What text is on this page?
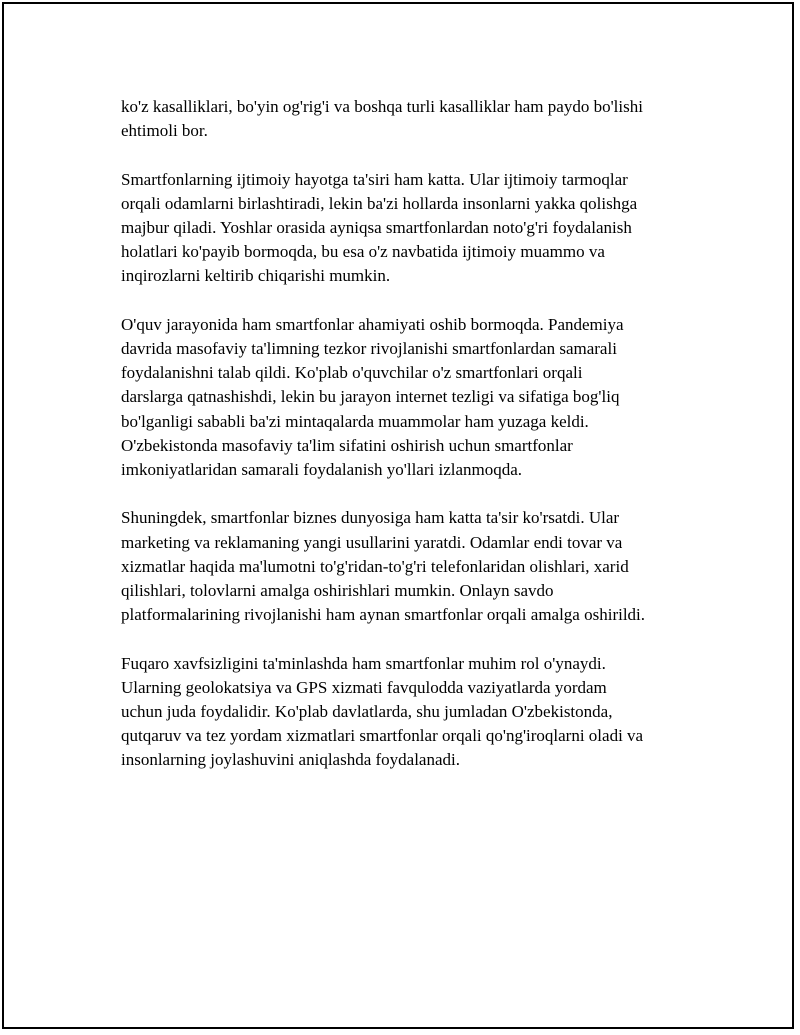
ko'z kasalliklari, bo'yin og'rig'i va boshqa turli kasalliklar ham paydo bo'lishi
ehtimoli bor.

Smartfonlarning ijtimoiy hayotga ta'siri ham katta. Ular ijtimoiy tarmoqlar
orqali odamlarni birlashtiradi, lekin ba'zi hollarda insonlarni yakka qolishga
majbur qiladi. Yoshlar orasida ayniqsa smartfonlardan noto'g'ri foydalanish
holatlari ko'payib bormoqda, bu esa o'z navbatida ijtimoiy muammo va
inqirozlarni keltirib chiqarishi mumkin.

O'quv jarayonida ham smartfonlar ahamiyati oshib bormoqda. Pandemiya
davrida masofaviy ta'limning tezkor rivojlanishi smartfonlardan samarali
foydalanishni talab qildi. Ko'plab o'quvchilar o'z smartfonlari orqali
darslarga qatnashishdi, lekin bu jarayon internet tezligi va sifatiga bog'liq
bo'lganligi sababli ba'zi mintaqalarda muammolar ham yuzaga keldi.
O'zbekistonda masofaviy ta'lim sifatini oshirish uchun smartfonlar
imkoniyatlaridan samarali foydalanish yo'llari izlanmoqda.

Shuningdek, smartfonlar biznes dunyosiga ham katta ta'sir ko'rsatdi. Ular
marketing va reklamaning yangi usullarini yaratdi. Odamlar endi tovar va
xizmatlar haqida ma'lumotni to'g'ridan-to'g'ri telefonlaridan olishlari, xarid
qilishlari, tolovlarni amalga oshirishlari mumkin. Onlayn savdo
platformalarining rivojlanishi ham aynan smartfonlar orqali amalga oshirildi.

Fuqaro xavfsizligini ta'minlashda ham smartfonlar muhim rol o'ynaydi.
Ularning geolokatsiya va GPS xizmati favqulodda vaziyatlarda yordam
uchun juda foydalidir. Ko'plab davlatlarda, shu jumladan O'zbekistonda,
qutqaruv va tez yordam xizmatlari smartfonlar orqali qo'ng'iroqlarni oladi va
insonlarning joylashuvini aniqlashda foydalanadi.
